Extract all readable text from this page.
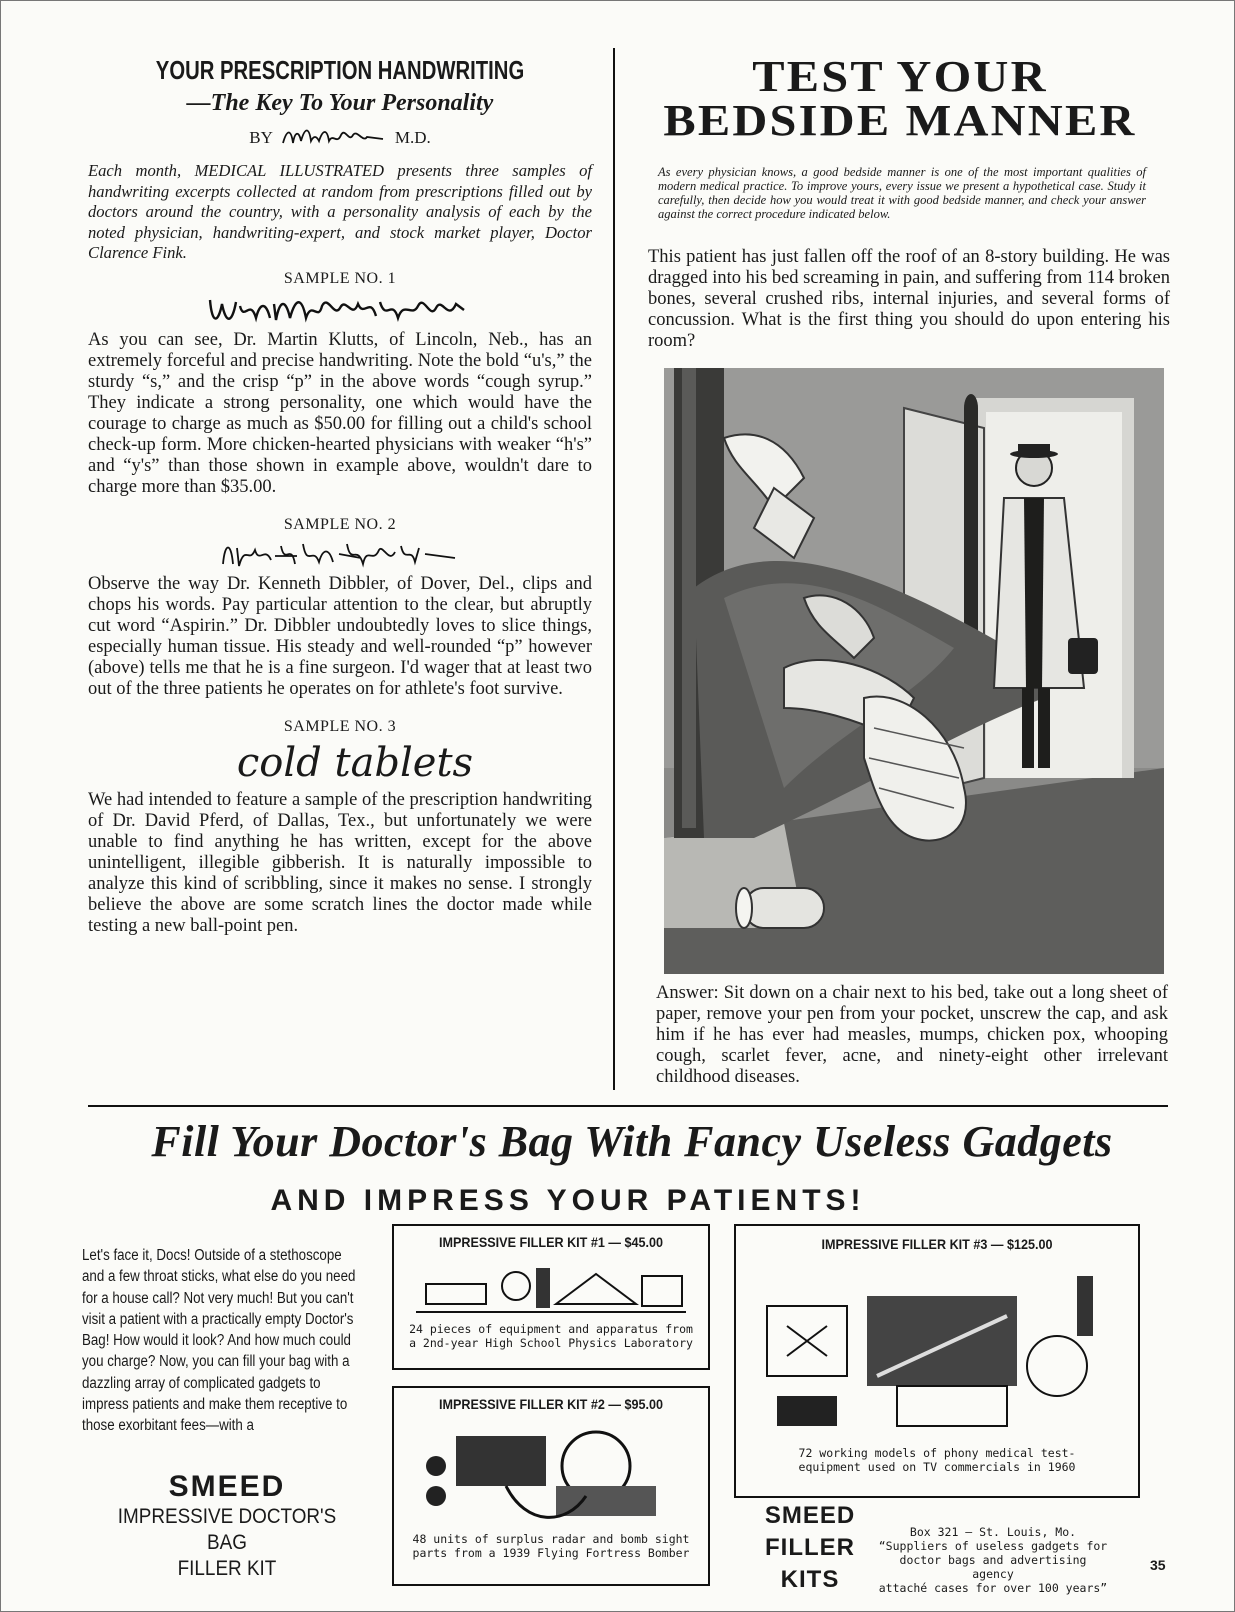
YOUR PRESCRIPTION HANDWRITING
—The Key To Your Personality
BY	M.D.
Each month, MEDICAL ILLUSTRATED presents three samples of handwriting excerpts collected at random from prescriptions filled out by doctors around the country, with a personality analysis of each by the noted physician, handwriting-expert, and stock market player, Doctor Clarence Fink.
SAMPLE NO. 1
As you can see, Dr. Martin Klutts, of Lincoln, Neb., has an extremely forceful and precise handwriting. Note the bold “u's,” the sturdy “s,” and the crisp “p” in the above words “cough syrup.” They indicate a strong personality, one which would have the courage to charge as much as $50.00 for filling out a child's school check-up form. More chicken-hearted physicians with weaker “h's” and “y's” than those shown in example above, wouldn't dare to charge more than $35.00.
SAMPLE NO. 2
Observe the way Dr. Kenneth Dibbler, of Dover, Del., clips and chops his words. Pay particular attention to the clear, but abruptly cut word “Aspirin.” Dr. Dibbler undoubtedly loves to slice things, especially human tissue. His steady and well-rounded “p” however (above) tells me that he is a fine surgeon. I'd wager that at least two out of the three patients he operates on for athlete's foot survive.
SAMPLE NO. 3
cold tablets
We had intended to feature a sample of the prescription handwriting of Dr. David Pferd, of Dallas, Tex., but unfortunately we were unable to find anything he has written, except for the above unintelligent, illegible gibberish. It is naturally impossible to analyze this kind of scribbling, since it makes no sense. I strongly believe the above are some scratch lines the doctor made while testing a new ball-point pen.
TEST YOUR
BEDSIDE MANNER
As every physician knows, a good bedside manner is one of the most important qualities of modern medical practice. To improve yours, every issue we present a hypothetical case. Study it carefully, then decide how you would treat it with good bedside manner, and check your answer against the correct procedure indicated below.
This patient has just fallen off the roof of an 8-story building. He was dragged into his bed screaming in pain, and suffering from 114 broken bones, several crushed ribs, internal injuries, and several forms of concussion. What is the first thing you should do upon entering his room?
Answer: Sit down on a chair next to his bed, take out a long sheet of paper, remove your pen from your pocket, unscrew the cap, and ask him if he has ever had measles, mumps, chicken pox, whooping cough, scarlet fever, acne, and ninety-eight other irrelevant childhood diseases.
Fill Your Doctor's Bag With Fancy Useless Gadgets
AND IMPRESS YOUR PATIENTS!
Let's face it, Docs! Outside of a stethoscope and a few throat sticks, what else do you need for a house call? Not very much! But you can't visit a patient with a practically empty Doctor's Bag! How would it look? And how much could you charge? Now, you can fill your bag with a dazzling array of complicated gadgets to impress patients and make them receptive to those exorbitant fees—with a
SMEED
IMPRESSIVE DOCTOR'S BAG
FILLER KIT
IMPRESSIVE FILLER KIT #1 — $45.00
24 pieces of equipment and apparatus from
a 2nd-year High School Physics Laboratory
IMPRESSIVE FILLER KIT #2 — $95.00
48 units of surplus radar and bomb sight
parts from a 1939 Flying Fortress Bomber
IMPRESSIVE FILLER KIT #3 — $125.00
72 working models of phony medical test-
equipment used on TV commercials in 1960
SMEED
FILLER
KITS
Box 321 — St. Louis, Mo.
“Suppliers of useless gadgets for
doctor bags and advertising agency
attaché cases for over 100 years”
35
